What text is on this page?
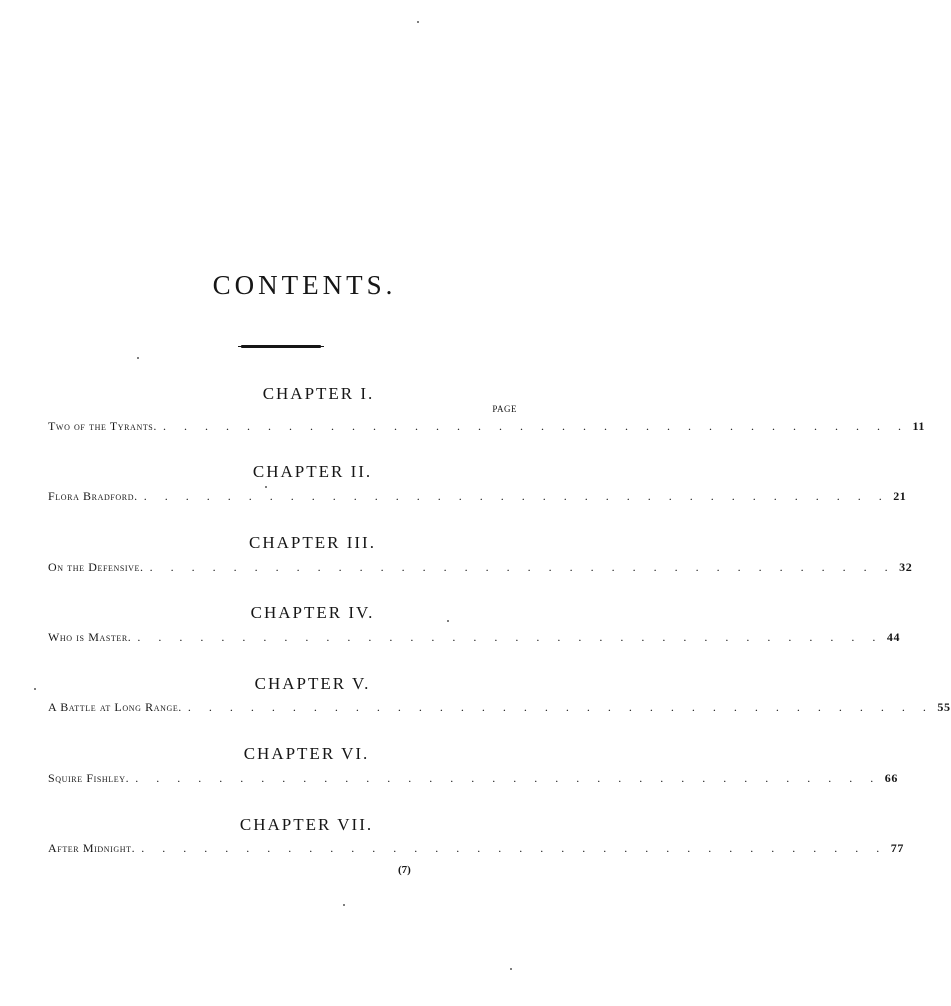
CONTENTS.
CHAPTER I.
PAGE
Two of the Tyrants. . . . . . . . . . . . . . . . . . . . . . . . . . . . . . . . . . . . . 11
CHAPTER II.
Flora Bradford. . . . . . . . . . . . . . . . . . . . . . . . . . . . . . . . . . . . . 21
CHAPTER III.
On the Defensive. . . . . . . . . . . . . . . . . . . . . . . . . . . . . . . . . . . . . 32
CHAPTER IV.
Who is Master. . . . . . . . . . . . . . . . . . . . . . . . . . . . . . . . . . . . . 44
CHAPTER V.
A Battle at Long Range. . . . . . . . . . . . . . . . . . . . . . . . . . . . . . . . . . . . . 55
CHAPTER VI.
Squire Fishley. . . . . . . . . . . . . . . . . . . . . . . . . . . . . . . . . . . . . 66
CHAPTER VII.
After Midnight. . . . . . . . . . . . . . . . . . . . . . . . . . . . . . . . . . . . . 77
(7)
